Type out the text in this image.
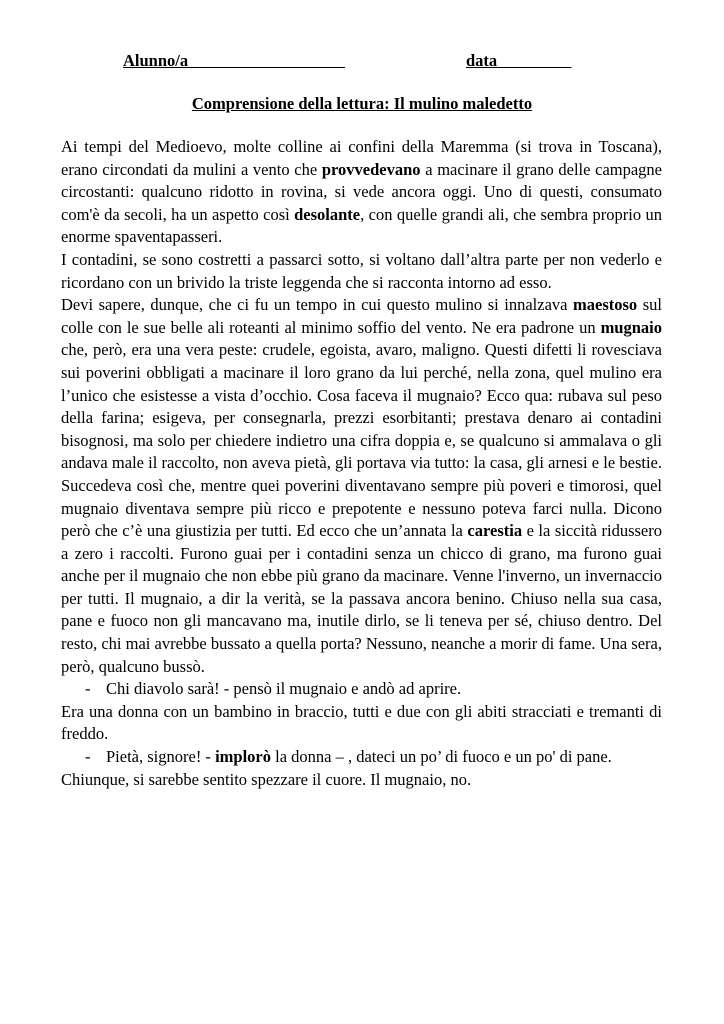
Alunno/a	data
Comprensione della lettura: Il mulino maledetto

Ai tempi del Medioevo, molte colline ai confini della Maremma (si trova in Toscana), erano circondati da mulini a vento che provvedevano a macinare il grano delle campagne circostanti: qualcuno ridotto in rovina, si vede ancora oggi. Uno di questi, consumato com'è da secoli, ha un aspetto così desolante, con quelle grandi ali, che sembra proprio un enorme spaventapasseri.

I contadini, se sono costretti a passarci sotto, si voltano dall’altra parte per non vederlo e ricordano con un brivido la triste leggenda che si racconta intorno ad esso.

Devi sapere, dunque, che ci fu un tempo in cui questo mulino si innalzava maestoso sul colle con le sue belle ali roteanti al minimo soffio del vento. Ne era padrone un mugnaio che, però, era una vera peste: crudele, egoista, avaro, maligno. Questi difetti li rovesciava sui poverini obbligati a macinare il loro grano da lui perché, nella zona, quel mulino era l’unico che esistesse a vista d’occhio. Cosa faceva il mugnaio? Ecco qua: rubava sul peso della farina; esigeva, per consegnarla, prezzi esorbitanti; prestava denaro ai contadini bisognosi, ma solo per chiedere indietro una cifra doppia e, se qualcuno si ammalava o gli andava male il raccolto, non aveva pietà, gli portava via tutto: la casa, gli arnesi e le bestie. Succedeva così che, mentre quei poverini diventavano sempre più poveri e timorosi, quel mugnaio diventava sempre più ricco e prepotente e nessuno poteva farci nulla. Dicono però che c’è una giustizia per tutti. Ed ecco che un’annata la carestia e la siccità ridussero a zero i raccolti. Furono guai per i contadini senza un chicco di grano, ma furono guai anche per il mugnaio che non ebbe più grano da macinare. Venne l'inverno, un invernaccio per tutti. Il mugnaio, a dir la verità, se la passava ancora benino. Chiuso nella sua casa, pane e fuoco non gli mancavano ma, inutile dirlo, se li teneva per sé, chiuso dentro. Del resto, chi mai avrebbe bussato a quella porta? Nessuno, neanche a morir di fame. Una sera, però, qualcuno bussò.

- Chi diavolo sarà! - pensò il mugnaio e andò ad aprire.

Era una donna con un bambino in braccio, tutti e due con gli abiti stracciati e tremanti di freddo.

- Pietà, signore! - implorò la donna – , dateci un po’ di fuoco e un po' di pane.

Chiunque, si sarebbe sentito spezzare il cuore. Il mugnaio, no.
